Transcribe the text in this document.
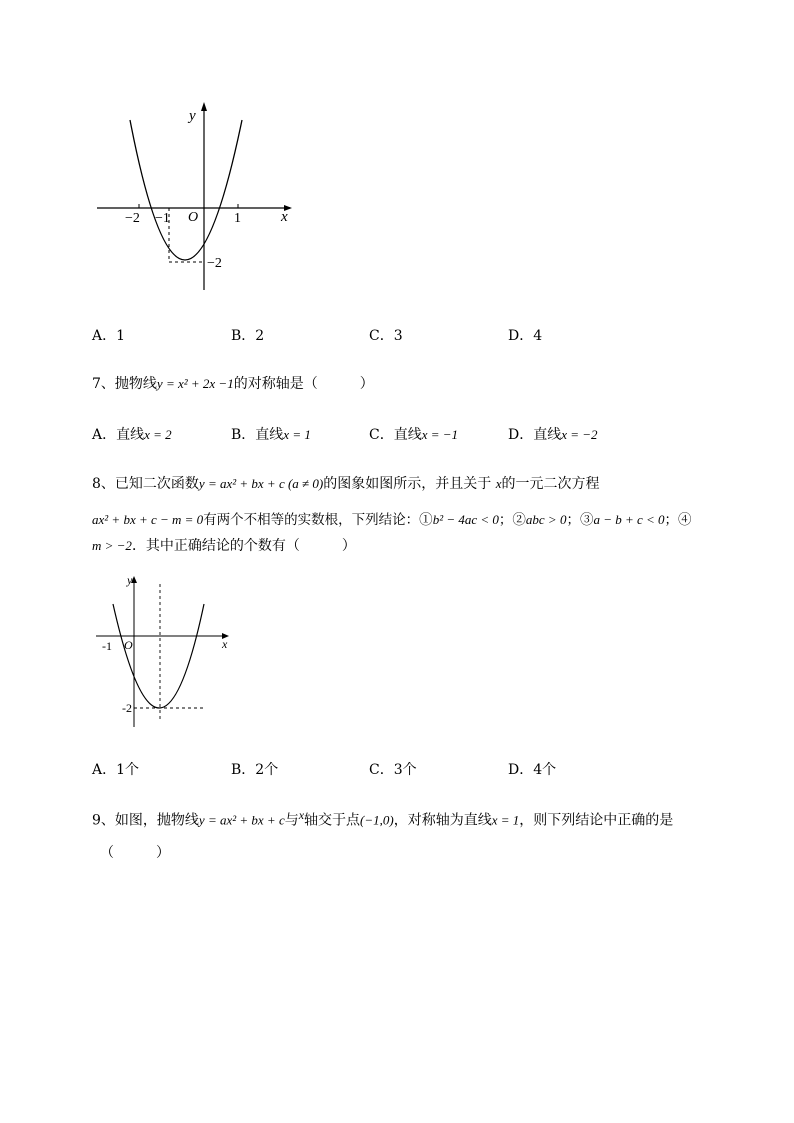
y
x
O
−2 −1	1
−2
A．1	B．2	C．3	D．4
7、抛物线y = x² + 2x −1的对称轴是（　　　）
A．直线x = 2	B．直线x = 1	C．直线x = −1	D．直线x = −2
8、已知二次函数y = ax² + bx + c (a ≠ 0)的图象如图所示，并且关于 x的一元二次方程
ax² + bx + c − m = 0有两个不相等的实数根，下列结论：①b² − 4ac < 0；②abc > 0；③a − b + c < 0；④
m > −2．其中正确结论的个数有（　　　）
y
x
O
-1
-2
A．1个	B．2个	C．3个	D．4个
9、如图，抛物线y = ax² + bx + c与$^x$轴交于点(−1,0)，对称轴为直线x = 1，则下列结论中正确的是
（　　　）
